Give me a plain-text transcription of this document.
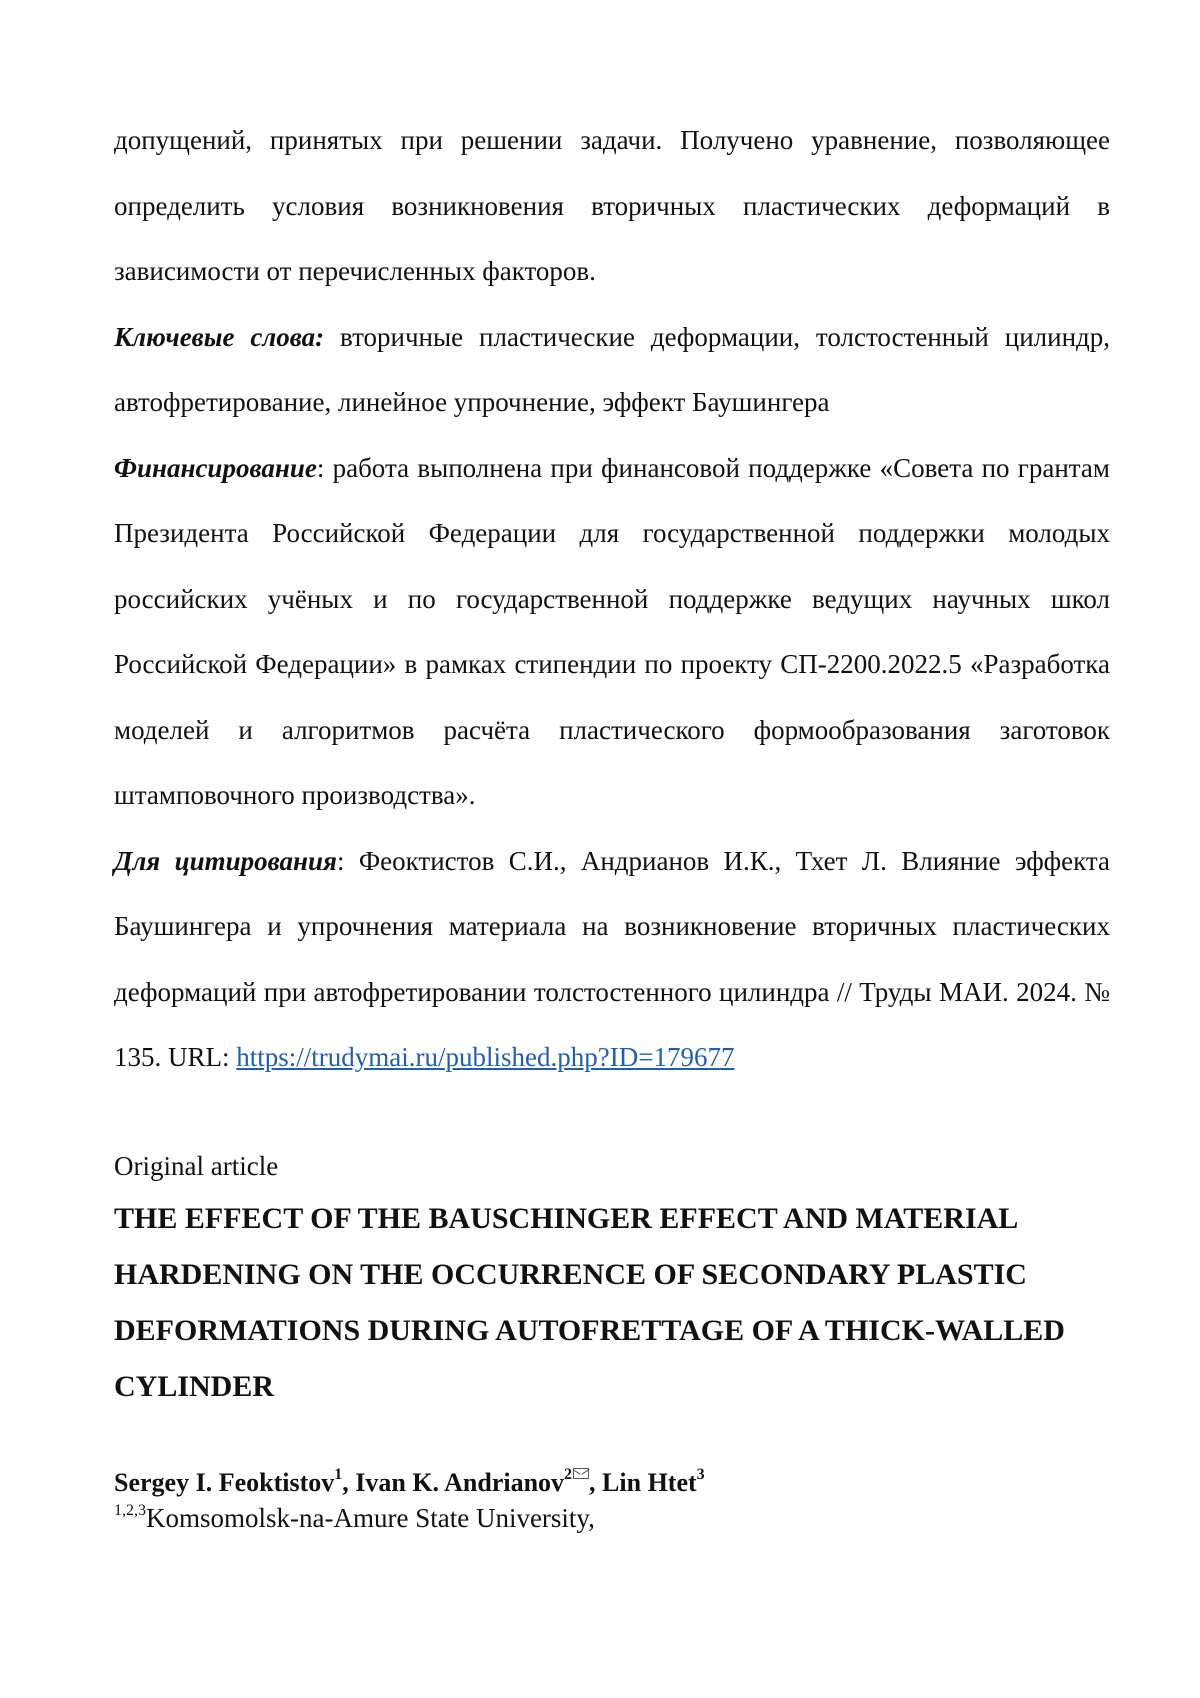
допущений, принятых при решении задачи. Получено уравнение, позволяющее определить условия возникновения вторичных пластических деформаций в зависимости от перечисленных факторов.

Ключевые слова: вторичные пластические деформации, толстостенный цилиндр, автофретирование, линейное упрочнение, эффект Баушингера

Финансирование: работа выполнена при финансовой поддержке «Совета по грантам Президента Российской Федерации для государственной поддержки молодых российских учёных и по государственной поддержке ведущих научных школ Российской Федерации» в рамках стипендии по проекту СП-2200.2022.5 «Разработка моделей и алгоритмов расчёта пластического формообразования заготовок штамповочного производства».

Для цитирования: Феоктистов С.И., Андрианов И.К., Тхет Л. Влияние эффекта Баушингера и упрочнения материала на возникновение вторичных пластических деформаций при автофретировании толстостенного цилиндра // Труды МАИ. 2024. № 135. URL: https://trudymai.ru/published.php?ID=179677

Original article

THE EFFECT OF THE BAUSCHINGER EFFECT AND MATERIAL HARDENING ON THE OCCURRENCE OF SECONDARY PLASTIC DEFORMATIONS DURING AUTOFRETTAGE OF A THICK-WALLED CYLINDER

Sergey I. Feoktistov$^1$, Ivan K. Andrianov$^2$ , Lin Htet$^3$

$^{1,2,3}$Komsomolsk-na-Amure State University,
